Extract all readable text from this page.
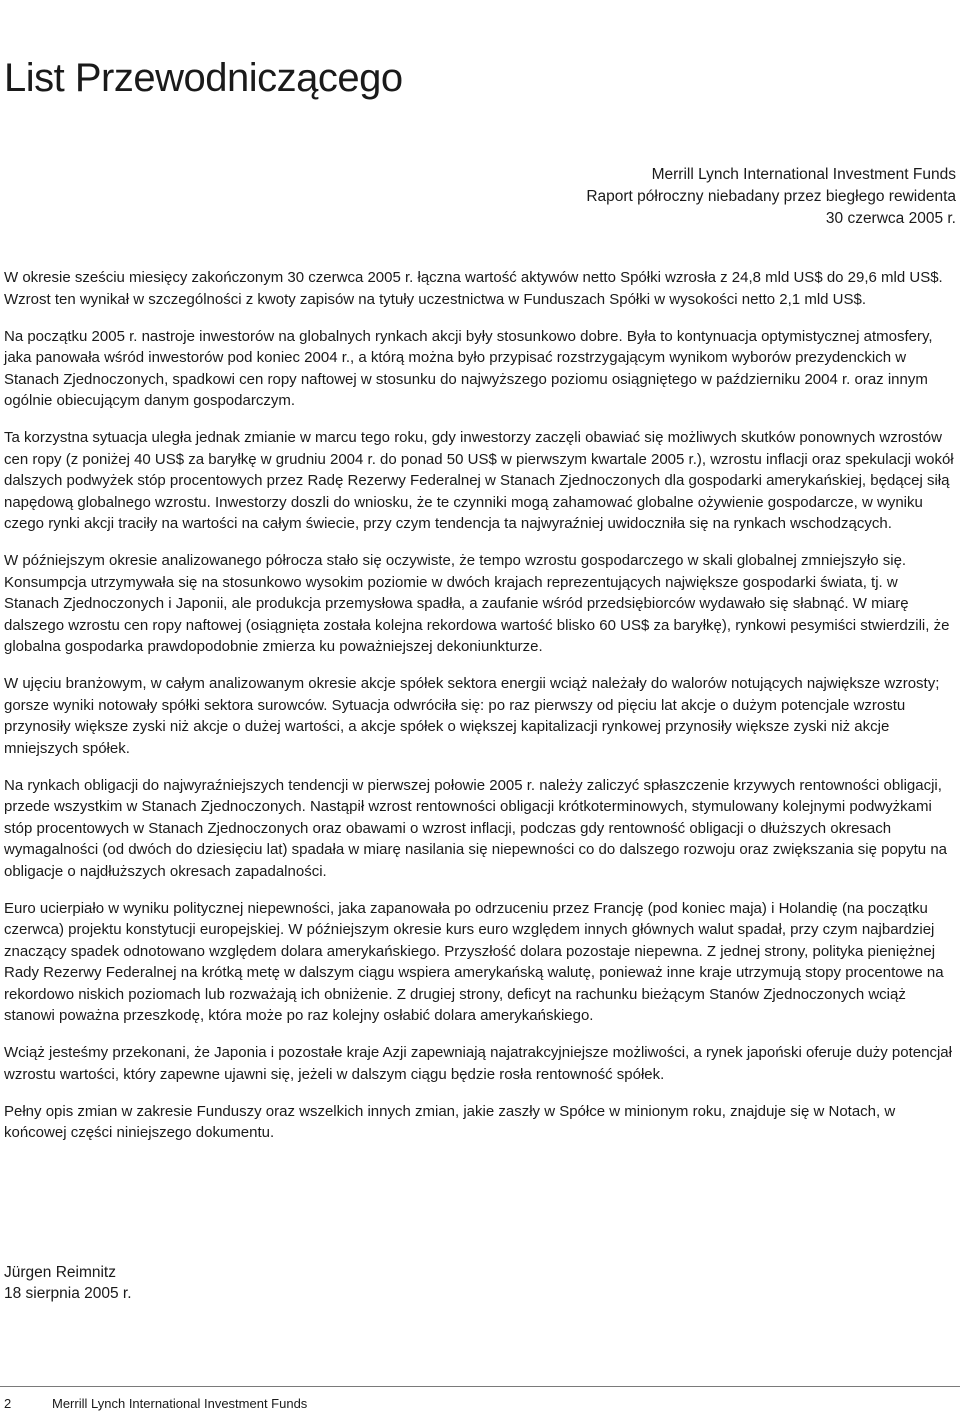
List Przewodniczącego
Merrill Lynch International Investment Funds
Raport półroczny niebadany przez biegłego rewidenta
30 czerwca 2005 r.

W okresie sześciu miesięcy zakończonym 30 czerwca 2005 r. łączna wartość aktywów netto Spółki wzrosła z 24,8 mld US$ do 29,6 mld US$. Wzrost ten wynikał w szczególności z kwoty zapisów na tytuły uczestnictwa w Funduszach Spółki w wysokości netto 2,1 mld US$.

Na początku 2005 r. nastroje inwestorów na globalnych rynkach akcji były stosunkowo dobre. Była to kontynuacja optymistycznej atmosfery, jaka panowała wśród inwestorów pod koniec 2004 r., a którą można było przypisać rozstrzygającym wynikom wyborów prezydenckich w Stanach Zjednoczonych, spadkowi cen ropy naftowej w stosunku do najwyższego poziomu osiągniętego w październiku 2004 r. oraz innym ogólnie obiecującym danym gospodarczym.

Ta korzystna sytuacja uległa jednak zmianie w marcu tego roku, gdy inwestorzy zaczęli obawiać się możliwych skutków ponownych wzrostów cen ropy (z poniżej 40 US$ za baryłkę w grudniu 2004 r. do ponad 50 US$ w pierwszym kwartale 2005 r.), wzrostu inflacji oraz spekulacji wokół dalszych podwyżek stóp procentowych przez Radę Rezerwy Federalnej w Stanach Zjednoczonych dla gospodarki amerykańskiej, będącej siłą napędową globalnego wzrostu. Inwestorzy doszli do wniosku, że te czynniki mogą zahamować globalne ożywienie gospodarcze, w wyniku czego rynki akcji traciły na wartości na całym świecie, przy czym tendencja ta najwyraźniej uwidoczniła się na rynkach wschodzących.

W późniejszym okresie analizowanego półrocza stało się oczywiste, że tempo wzrostu gospodarczego w skali globalnej zmniejszyło się. Konsumpcja utrzymywała się na stosunkowo wysokim poziomie w dwóch krajach reprezentujących największe gospodarki świata, tj. w Stanach Zjednoczonych i Japonii, ale produkcja przemysłowa spadła, a zaufanie wśród przedsiębiorców wydawało się słabnąć. W miarę dalszego wzrostu cen ropy naftowej (osiągnięta została kolejna rekordowa wartość blisko 60 US$ za baryłkę), rynkowi pesymiści stwierdzili, że globalna gospodarka prawdopodobnie zmierza ku poważniejszej dekoniunkturze.

W ujęciu branżowym, w całym analizowanym okresie akcje spółek sektora energii wciąż należały do walorów notujących największe wzrosty; gorsze wyniki notowały spółki sektora surowców. Sytuacja odwróciła się: po raz pierwszy od pięciu lat akcje o dużym potencjale wzrostu przynosiły większe zyski niż akcje o dużej wartości, a akcje spółek o większej kapitalizacji rynkowej przynosiły większe zyski niż akcje mniejszych spółek.

Na rynkach obligacji do najwyraźniejszych tendencji w pierwszej połowie 2005 r. należy zaliczyć spłaszczenie krzywych rentowności obligacji, przede wszystkim w Stanach Zjednoczonych. Nastąpił wzrost rentowności obligacji krótkoterminowych, stymulowany kolejnymi podwyżkami stóp procentowych w Stanach Zjednoczonych oraz obawami o wzrost inflacji, podczas gdy rentowność obligacji o dłuższych okresach wymagalności (od dwóch do dziesięciu lat) spadała w miarę nasilania się niepewności co do dalszego rozwoju oraz zwiększania się popytu na obligacje o najdłuższych okresach zapadalności.

Euro ucierpiało w wyniku politycznej niepewności, jaka zapanowała po odrzuceniu przez Francję (pod koniec maja) i Holandię (na początku czerwca) projektu konstytucji europejskiej. W późniejszym okresie kurs euro względem innych głównych walut spadał, przy czym najbardziej znaczący spadek odnotowano względem dolara amerykańskiego. Przyszłość dolara pozostaje niepewna. Z jednej strony, polityka pieniężnej Rady Rezerwy Federalnej na krótką metę w dalszym ciągu wspiera amerykańską walutę, ponieważ inne kraje utrzymują stopy procentowe na rekordowo niskich poziomach lub rozważają ich obniżenie. Z drugiej strony, deficyt na rachunku bieżącym Stanów Zjednoczonych wciąż stanowi poważna przeszkodę, która może po raz kolejny osłabić dolara amerykańskiego.

Wciąż jesteśmy przekonani, że Japonia i pozostałe kraje Azji zapewniają najatrakcyjniejsze możliwości, a rynek japoński oferuje duży potencjał wzrostu wartości, który zapewne ujawni się, jeżeli w dalszym ciągu będzie rosła rentowność spółek.

Pełny opis zmian w zakresie Funduszy oraz wszelkich innych zmian, jakie zaszły w Spółce w minionym roku, znajduje się w Notach, w końcowej części niniejszego dokumentu.

Jürgen Reimnitz
18 sierpnia 2005 r.
2	Merrill Lynch International Investment Funds
